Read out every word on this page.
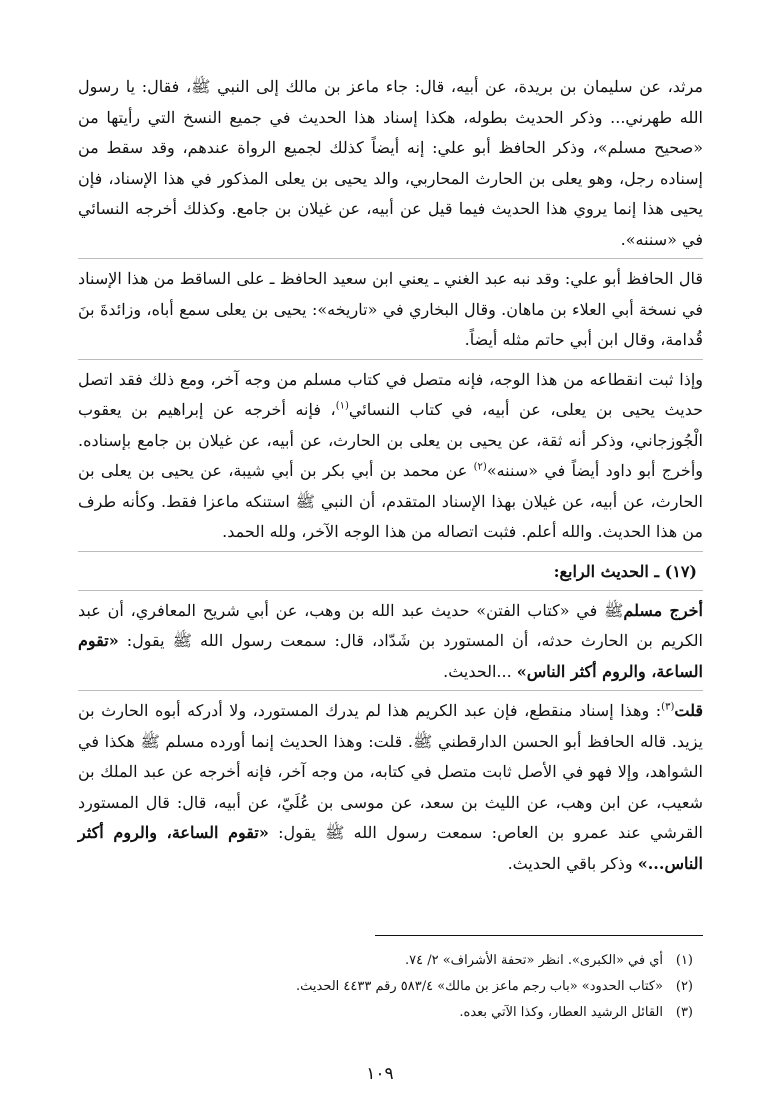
مرثد، عن سليمان بن بريدة، عن أبيه، قال: جاء ماعز بن مالك إلى النبي ﷺ، فقال: يا رسول الله طهرني... وذكر الحديث بطوله، هكذا إسناد هذا الحديث في جميع النسخ التي رأيتها من «صحيح مسلم»، وذكر الحافظ أبو علي: إنه أيضاً كذلك لجميع الرواة عندهم، وقد سقط من إسناده رجل، وهو يعلى بن الحارث المحاربي، والد يحيى بن يعلى المذكور في هذا الإسناد، فإن يحيى هذا إنما يروي هذا الحديث فيما قيل عن أبيه، عن غيلان بن جامع. وكذلك أخرجه النسائي في «سننه».

قال الحافظ أبو علي: وقد نبه عبد الغني ـ يعني ابن سعيد الحافظ ـ على الساقط من هذا الإسناد في نسخة أبي العلاء بن ماهان. وقال البخاري في «تاريخه»: يحيى بن يعلى سمع أباه، وزائدةَ بنَ قُدامة، وقال ابن أبي حاتم مثله أيضاً.

وإذا ثبت انقطاعه من هذا الوجه، فإنه متصل في كتاب مسلم من وجه آخر، ومع ذلك فقد اتصل حديث يحيى بن يعلى، عن أبيه، في كتاب النسائي$^{(١)}$، فإنه أخرجه عن إبراهيم بن يعقوب الْجُوزجاني، وذكر أنه ثقة، عن يحيى بن يعلى بن الحارث، عن أبيه، عن غيلان بن جامع بإسناده. وأخرج أبو داود أيضاً في «سننه»$^{(٢)}$ عن محمد بن أبي بكر بن أبي شيبة، عن يحيى بن يعلى بن الحارث، عن أبيه، عن غيلان بهذا الإسناد المتقدم، أن النبي ﷺ استنكه ماعزا فقط. وكأنه طرف من هذا الحديث. والله أعلم. فثبت اتصاله من هذا الوجه الآخر، ولله الحمد.

(١٧) ـ الحديث الرابع:

أخرج مسلمﷺ في «كتاب الفتن» حديث عبد الله بن وهب، عن أبي شريح المعافري، أن عبد الكريم بن الحارث حدثه، أن المستورد بن شَدّاد، قال: سمعت رسول الله ﷺ يقول: «تقوم الساعة، والروم أكثر الناس» ...الحديث.

قلت$^{(٣)}$: وهذا إسناد منقطع، فإن عبد الكريم هذا لم يدرك المستورد، ولا أدركه أبوه الحارث بن يزيد. قاله الحافظ أبو الحسن الدارقطني ﷺ. قلت: وهذا الحديث إنما أورده مسلم ﷺ هكذا في الشواهد، وإلا فهو في الأصل ثابت متصل في كتابه، من وجه آخر، فإنه أخرجه عن عبد الملك بن شعيب، عن ابن وهب، عن الليث بن سعد، عن موسى بن عُلَيّ، عن أبيه، قال: قال المستورد القرشي عند عمرو بن العاص: سمعت رسول الله ﷺ يقول: «تقوم الساعة، والروم أكثر الناس...» وذكر باقي الحديث.

(١)أي في «الكبرى». انظر «تحفة الأشراف» ٢/ ٧٤.

(٢)«كتاب الحدود» «باب رجم ماعز بن مالك» ٥٨٣/٤ رقم ٤٤٣٣ الحديث.

(٣)القائل الرشيد العطار، وكذا الآتي بعده.

١٠٩
